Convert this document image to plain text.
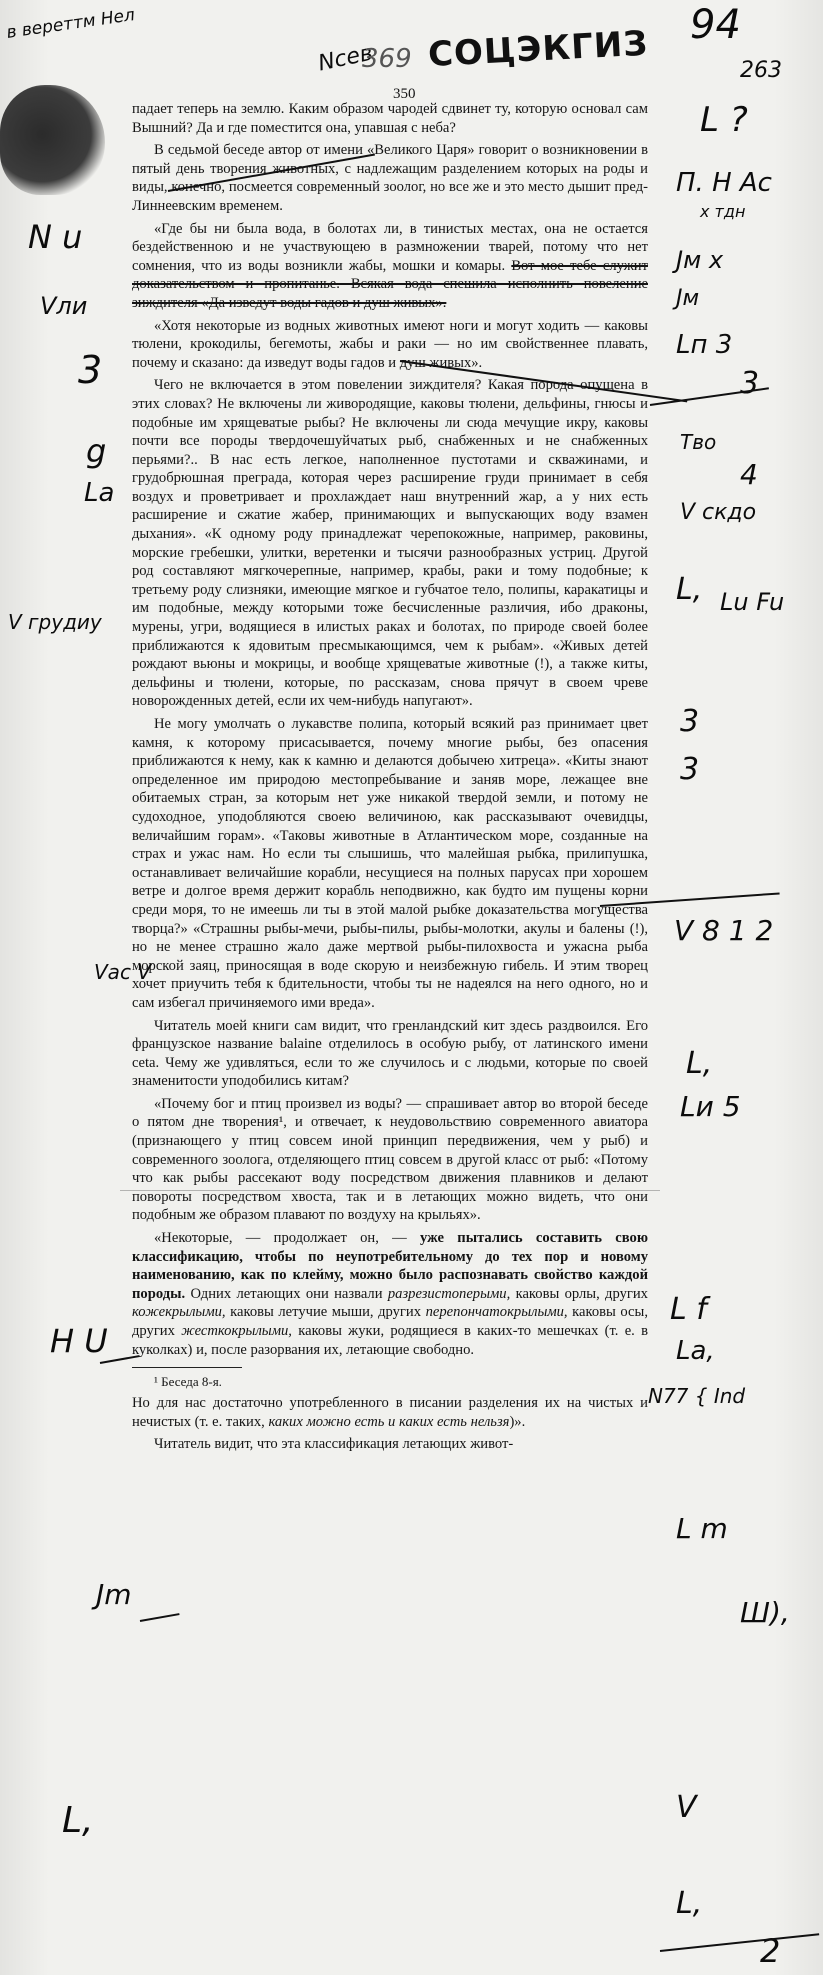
СОЦЭКГИЗ
350

падает теперь на землю. Каким образом чародей сдвинет ту, которую основал сам Вышний? Да и где поместится она, упавшая с неба?

В седьмой беседе автор от имени «Великого Царя» говорит о возникновении в пятый день творения животных, с надлежащим разделением которых на роды и виды, конечно, посмеется современный зоолог, но все же и это место дышит пред-Линнеевским временем.

«Где бы ни была вода, в болотах ли, в тинистых местах, она не остается бездейственною и не участвующею в размножении тварей, потому что нет сомнения, что из воды возникли жабы, мошки и комары. Вот мое тебе служит доказательством и пропитанье. Всякая вода спешила исполнить повеление зиждителя «Да изведут воды гадов и душ живых».

«Хотя некоторые из водных животных имеют ноги и могут ходить — каковы тюлени, крокодилы, бегемоты, жабы и раки — но им свойственнее плавать, почему и сказано: да изведут воды гадов и душ живых».

Чего не включается в этом повелении зиждителя? Какая порода опущена в этих словах? Не включены ли живородящие, каковы тюлени, дельфины, гнюсы и подобные им хрящеватые рыбы? Не включены ли сюда мечущие икру, каковы почти все породы твердочешуйчатых рыб, снабженных и не снабженных перьями?.. В нас есть легкое, наполненное пустотами и скважинами, и грудобрюшная преграда, которая через расширение груди принимает в себя воздух и проветривает и прохлаждает наш внутренний жар, а у них есть расширение и сжатие жабер, принимающих и выпускающих воду взамен дыхания». «К одному роду принадлежат черепокожные, например, раковины, морские гребешки, улитки, веретенки и тысячи разнообразных устриц. Другой род составляют мягкочерепные, например, крабы, раки и тому подобные; к третьему роду слизняки, имеющие мягкое и губчатое тело, полипы, каракатицы и им подобные, между которыми тоже бесчисленные различия, ибо драконы, мурены, угри, водящиеся в илистых раках и болотах, по природе своей более приближаются к ядовитым пресмыкающимся, чем к рыбам». «Живых детей рождают вьюны и мокрицы, и вообще хрящеватые животные (!), а также киты, дельфины и тюлени, которые, по рассказам, снова прячут в своем чреве новорожденных детей, если их чем-нибудь напугают».

Не могу умолчать о лукавстве полипа, который всякий раз принимает цвет камня, к которому присасывается, почему многие рыбы, без опасения приближаются к нему, как к камню и делаются добычею хитреца». «Киты знают определенное им природою местопребывание и заняв море, лежащее вне обитаемых стран, за которым нет уже никакой твердой земли, и потому не судоходное, уподобляются своею величиною, как рассказывают очевидцы, величайшим горам». «Таковы животные в Атлантическом море, созданные на страх и ужас нам. Но если ты слышишь, что малейшая рыбка, прилипушка, останавливает величайшие корабли, несущиеся на полных парусах при хорошем ветре и долгое время держит корабль неподвижно, как будто им пущены корни среди моря, то не имеешь ли ты в этой малой рыбке доказательства могущества творца?» «Страшны рыбы-мечи, рыбы-пилы, рыбы-молотки, акулы и балены (!), но не менее страшно жало даже мертвой рыбы-пилохвоста и ужасна рыба морской заяц, приносящая в воде скорую и неизбежную гибель. И этим творец хочет приучить тебя к бдительности, чтобы ты не надеялся на него одного, но и сам избегал причиняемого ими вреда».

Читатель моей книги сам видит, что гренландский кит здесь раздвоился. Его французское название balaine отделилось в особую рыбу, от латинского имени ceta. Чему же удивляться, если то же случилось и с людьми, которые по своей знаменитости уподобились китам?

«Почему бог и птиц произвел из воды? — спрашивает автор во второй беседе о пятом дне творения¹, и отвечает, к неудовольствию современного авиатора (признающего у птиц совсем иной принцип передвижения, чем у рыб) и современного зоолога, отделяющего птиц совсем в другой класс от рыб: «Потому что как рыбы рассекают воду посредством движения плавников и делают повороты посредством хвоста, так и в летающих можно видеть, что они подобным же образом плавают по воздуху на крыльях».

«Некоторые, — продолжает он, — уже пытались составить свою классификацию, чтобы по неупотребительному до тех пор и новому наименованию, как по клейму, можно было распознавать свойство каждой породы. Одних летающих они назвали разрезистоперыми, каковы орлы, других кожекрылыми, каковы летучие мыши, других перепончатокрылыми, каковы осы, других жесткокрылыми, каковы жуки, родящиеся в каких-то мешечках (т. е. в куколках) и, после разорвания их, летающие свободно.

¹ Беседа 8-я.

Но для нас достаточно употребленного в писании разделения их на чистых и нечистых (т. е. таких, каких можно есть и каких есть нельзя)».

Читатель видит, что эта классификация летающих живот-

в вереттм Нел
Nсев
369
94
263
N u
Vли
3
g
La
V грудиу
Vас V
H U
Jm
L,
L ?
П. Н Ас
x тдн
Jм x
Jм
Lп 3
3
Тво
4
V скдо
L, Lu Fu
3
3
V 8 1 2
L,
Lи 5
L f
La,
N77 { Ind
L m
Ш),
V
L,
2
